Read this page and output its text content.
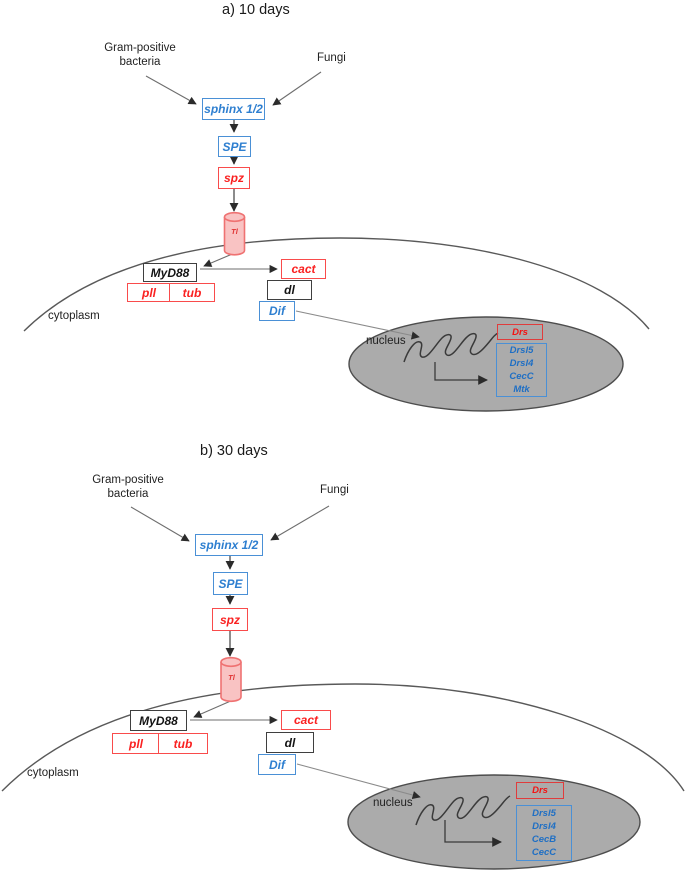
a) 10 days
Gram-positive bacteria	Fungi
sphinx 1/2
SPE
spz
Tl
cytoplasm
MyD88
pll	tub
cact
dl
Dif
nucleus
Drs
Drsl5
Drsl4
CecC
Mtk
b) 30 days
Gram-positive bacteria	Fungi
sphinx 1/2
SPE
spz
Tl
cytoplasm
MyD88
pll	tub
cact
dl
Dif
nucleus
Drs
Drsl5
Drsl4
CecB
CecC
